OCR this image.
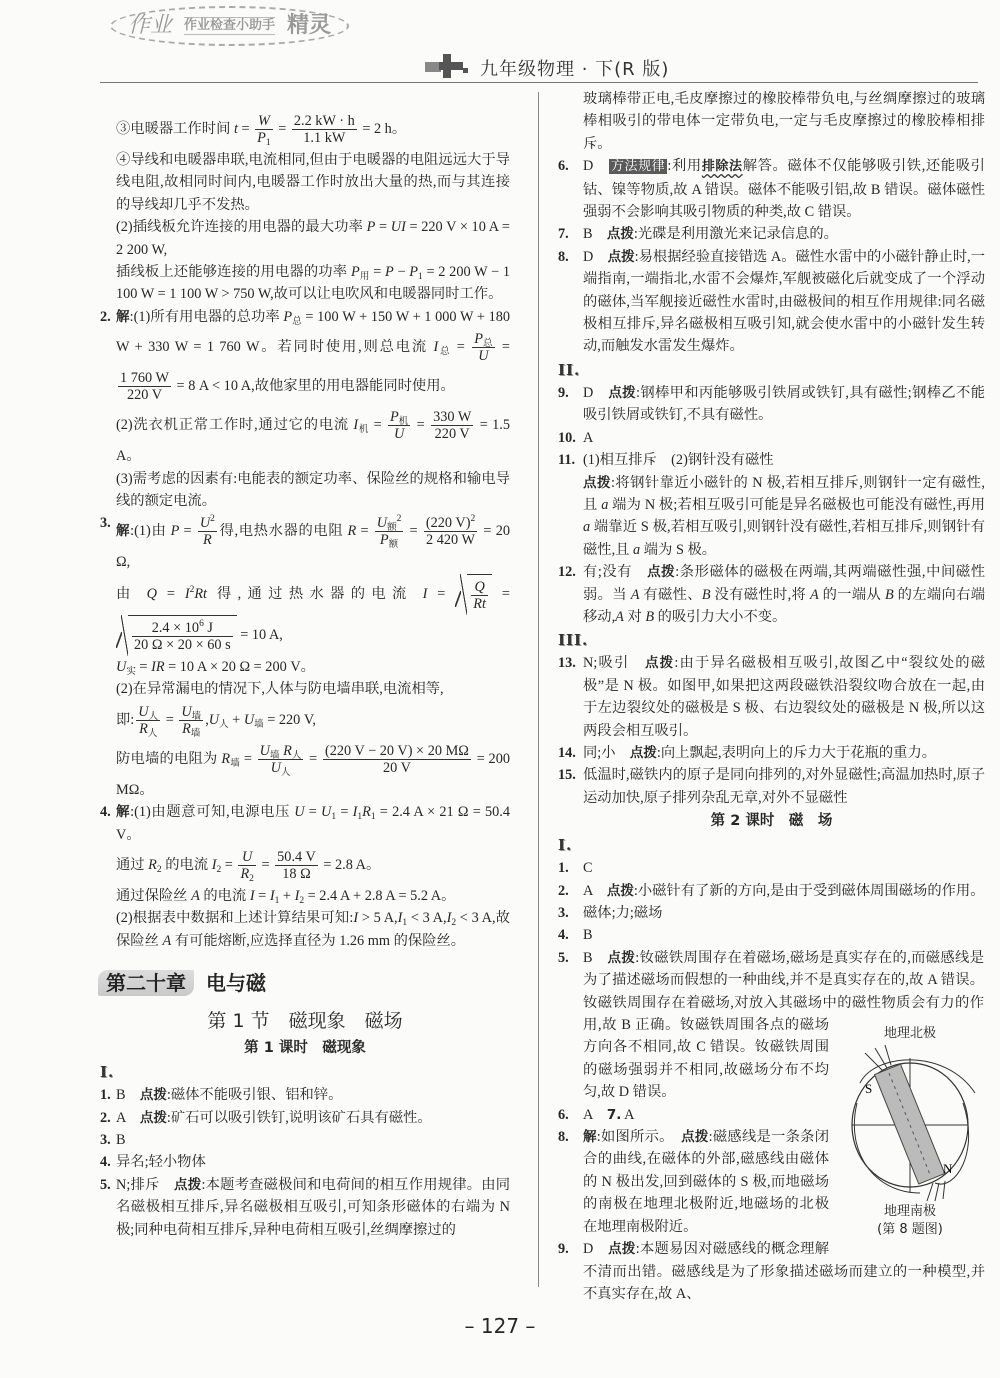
九年级物理 · 下(R 版)

③电暖器工作时间 $t = \frac{W}{P_1} = \frac{2.2 kW \cdot h}{1.1 kW} = 2$ h。

④导线和电暖器串联,电流相同,但由于电暖器的电阻远远大于导线电阻,故相同时间内,电暖器工作时放出大量的热,而与其连接的导线却几乎不发热。

(2)插线板允许连接的用电器的最大功率 P = UI = 220 V × 10 A = 2 200 W,

插线板上还能够连接的用电器的功率 $P_用 = P - P_1 = 2$ 200 W − 1 100 W = 1 100 W > 750 W,故可以让电吹风和电暖器同时工作。

2. 解:(1)所有用电器的总功率 $P_总 = 100$ W + 150 W + 1 000 W + 180 W + 330 W = 1 760 W。若同时使用,则总电流 $I_总 = \frac{P_总}{U}$ =
$\frac{1 760 W}{220 V} = 8$ A < 10 A,故他家里的用电器能同时使用。

(2)洗衣机正常工作时,通过它的电流 $I_机 = \frac{P_机}{U} = \frac{330 W}{220 V} = 1.5$ A。

(3)需考虑的因素有:电能表的额定功率、保险丝的规格和输电导线的额定电流。

3. 解:(1)由 $P = \frac{U^2}{R}$ 得,电热水器的电阻 $R = \frac{U_额^2}{P_额} = \frac{(220 V)^2}{2 420 W} = 20$ Ω,

由 $Q = I^2Rt$ 得,通过热水器的电流 $I = \frac{Q}{Rt}$ =
$\frac{2.4 \times 10^6 J}{20 \Omega \times 20 \times 60 s} = 10$ A,

$U_实$ = IR = 10 A × 20 Ω = 200 V。

(2)在异常漏电的情况下,人体与防电墙串联,电流相等,

即: $\frac{U_人}{R_人} = \frac{U_墙}{R_墙} ,U_人 + U_墙 = 220$ V,

防电墙的电阻为 $R_墙 = \frac{U_墙 R_人}{U_人} = \frac{(220 V - 20 V) \times 20 M\Omega}{20 V} = 200$ MΩ。

4. 解:(1)由题意可知,电源电压 $U = U_1 = I_1R_1 = 2.4$ A × 21 Ω = 50.4 V。

通过 $R_2$ 的电流 $I_2 = \frac{U}{R_2} = \frac{50.4 V}{18 \Omega} = 2.8$ A。

通过保险丝 A 的电流 $I = I_1 + I_2 = 2.4$ A + 2.8 A = 5.2 A。

(2)根据表中数据和上述计算结果可知:I > 5 $A,I_1 < 3$ $A,I_2 < 3$ A,故保险丝 A 有可能熔断,应选择直径为 1.26 mm 的保险丝。

第二十章	电与磁
第 1 节　磁现象　磁场
第 1 课时　磁现象
I.

1. B　点拨:磁体不能吸引银、铝和锌。

2. A　点拨:矿石可以吸引铁钉,说明该矿石具有磁性。

3. B

4. 异名;轻小物体

5. N;排斥　点拨:本题考查磁极间和电荷间的相互作用规律。由同名磁极相互排斥,异名磁极相互吸引,可知条形磁体的右端为 N 极;同种电荷相互排斥,异种电荷相互吸引,丝绸摩擦过的

玻璃棒带正电,毛皮摩擦过的橡胶棒带负电,与丝绸摩擦过的玻璃棒相吸引的带电体一定带负电,一定与毛皮摩擦过的橡胶棒相排斥。

6. D　方法规律 :利用排除法解答。磁体不仅能够吸引铁,还能吸引钴、镍等物质,故 A 错误。磁体不能吸引铝,故 B 错误。磁体磁性强弱不会影响其吸引物质的种类,故 C 错误。

7. B　点拨:光碟是利用激光来记录信息的。

8. D　点拨:易根据经验直接错选 A。磁性水雷中的小磁针静止时,一端指南,一端指北,水雷不会爆炸,军舰被磁化后就变成了一个浮动的磁体,当军舰接近磁性水雷时,由磁极间的相互作用规律:同名磁极相互排斥,异名磁极相互吸引知,就会使水雷中的小磁针发生转动,而触发水雷发生爆炸。

II.

9. D　点拨:钢棒甲和丙能够吸引铁屑或铁钉,具有磁性;钢棒乙不能吸引铁屑或铁钉,不具有磁性。

10. A

11. (1)相互排斥　(2)钢针没有磁性

点拨:将钢针靠近小磁针的 N 极,若相互排斥,则钢针一定有磁性,且 a 端为 N 极;若相互吸引可能是异名磁极也可能没有磁性,再用 a 端靠近 S 极,若相互吸引,则钢针没有磁性,若相互排斥,则钢针有磁性,且 a 端为 S 极。

12. 有;没有　点拨:条形磁体的磁极在两端,其两端磁性强,中间磁性弱。当 A 有磁性、B 没有磁性时,将 A 的一端从 B 的左端向右端移动,A 对 B 的吸引力大小不变。

III.

13. N;吸引　点拨:由于异名磁极相互吸引,故图乙中“裂纹处的磁极”是 N 极。如图甲,如果把这两段磁铁沿裂纹吻合放在一起,由于左边裂纹处的磁极是 S 极、右边裂纹处的磁极是 N 极,所以这两段会相互吸引。

14. 同;小　点拨:向上飘起,表明向上的斥力大于花瓶的重力。

15. 低温时,磁铁内的原子是同向排列的,对外显磁性;高温加热时,原子运动加快,原子排列杂乱无章,对外不显磁性

第 2 课时　磁　场
I.

1. C

2. A　点拨:小磁针有了新的方向,是由于受到磁体周围磁场的作用。

3. 磁体;力;磁场

4. B

地理北极
S
N
地理南极
(第 8 题图)

5. B　点拨:钕磁铁周围存在着磁场,磁场是真实存在的,而磁感线是为了描述磁场而假想的一种曲线,并不是真实存在的,故 A 错误。钕磁铁周围存在着磁场,对放入其磁场中的磁性物质会有力的作用,故 B 正确。钕磁铁周围各点的磁场方向各不相同,故 C 错误。钕磁铁周围的磁场强弱并不相同,故磁场分布不均匀,故 D 错误。

6. A　7. A

8. 解:如图所示。　点拨:磁感线是一条条闭合的曲线,在磁体的外部,磁感线由磁体的 N 极出发,回到磁体的 S 极,而地磁场的南极在地理北极附近,地磁场的北极在地理南极附近。

9. D　点拨:本题易因对磁感线的概念理解不清而出错。磁感线是为了形象描述磁场而建立的一种模型,并不真实存在,故 A、

作业 作业检查小助手 精灵
– 127 –
